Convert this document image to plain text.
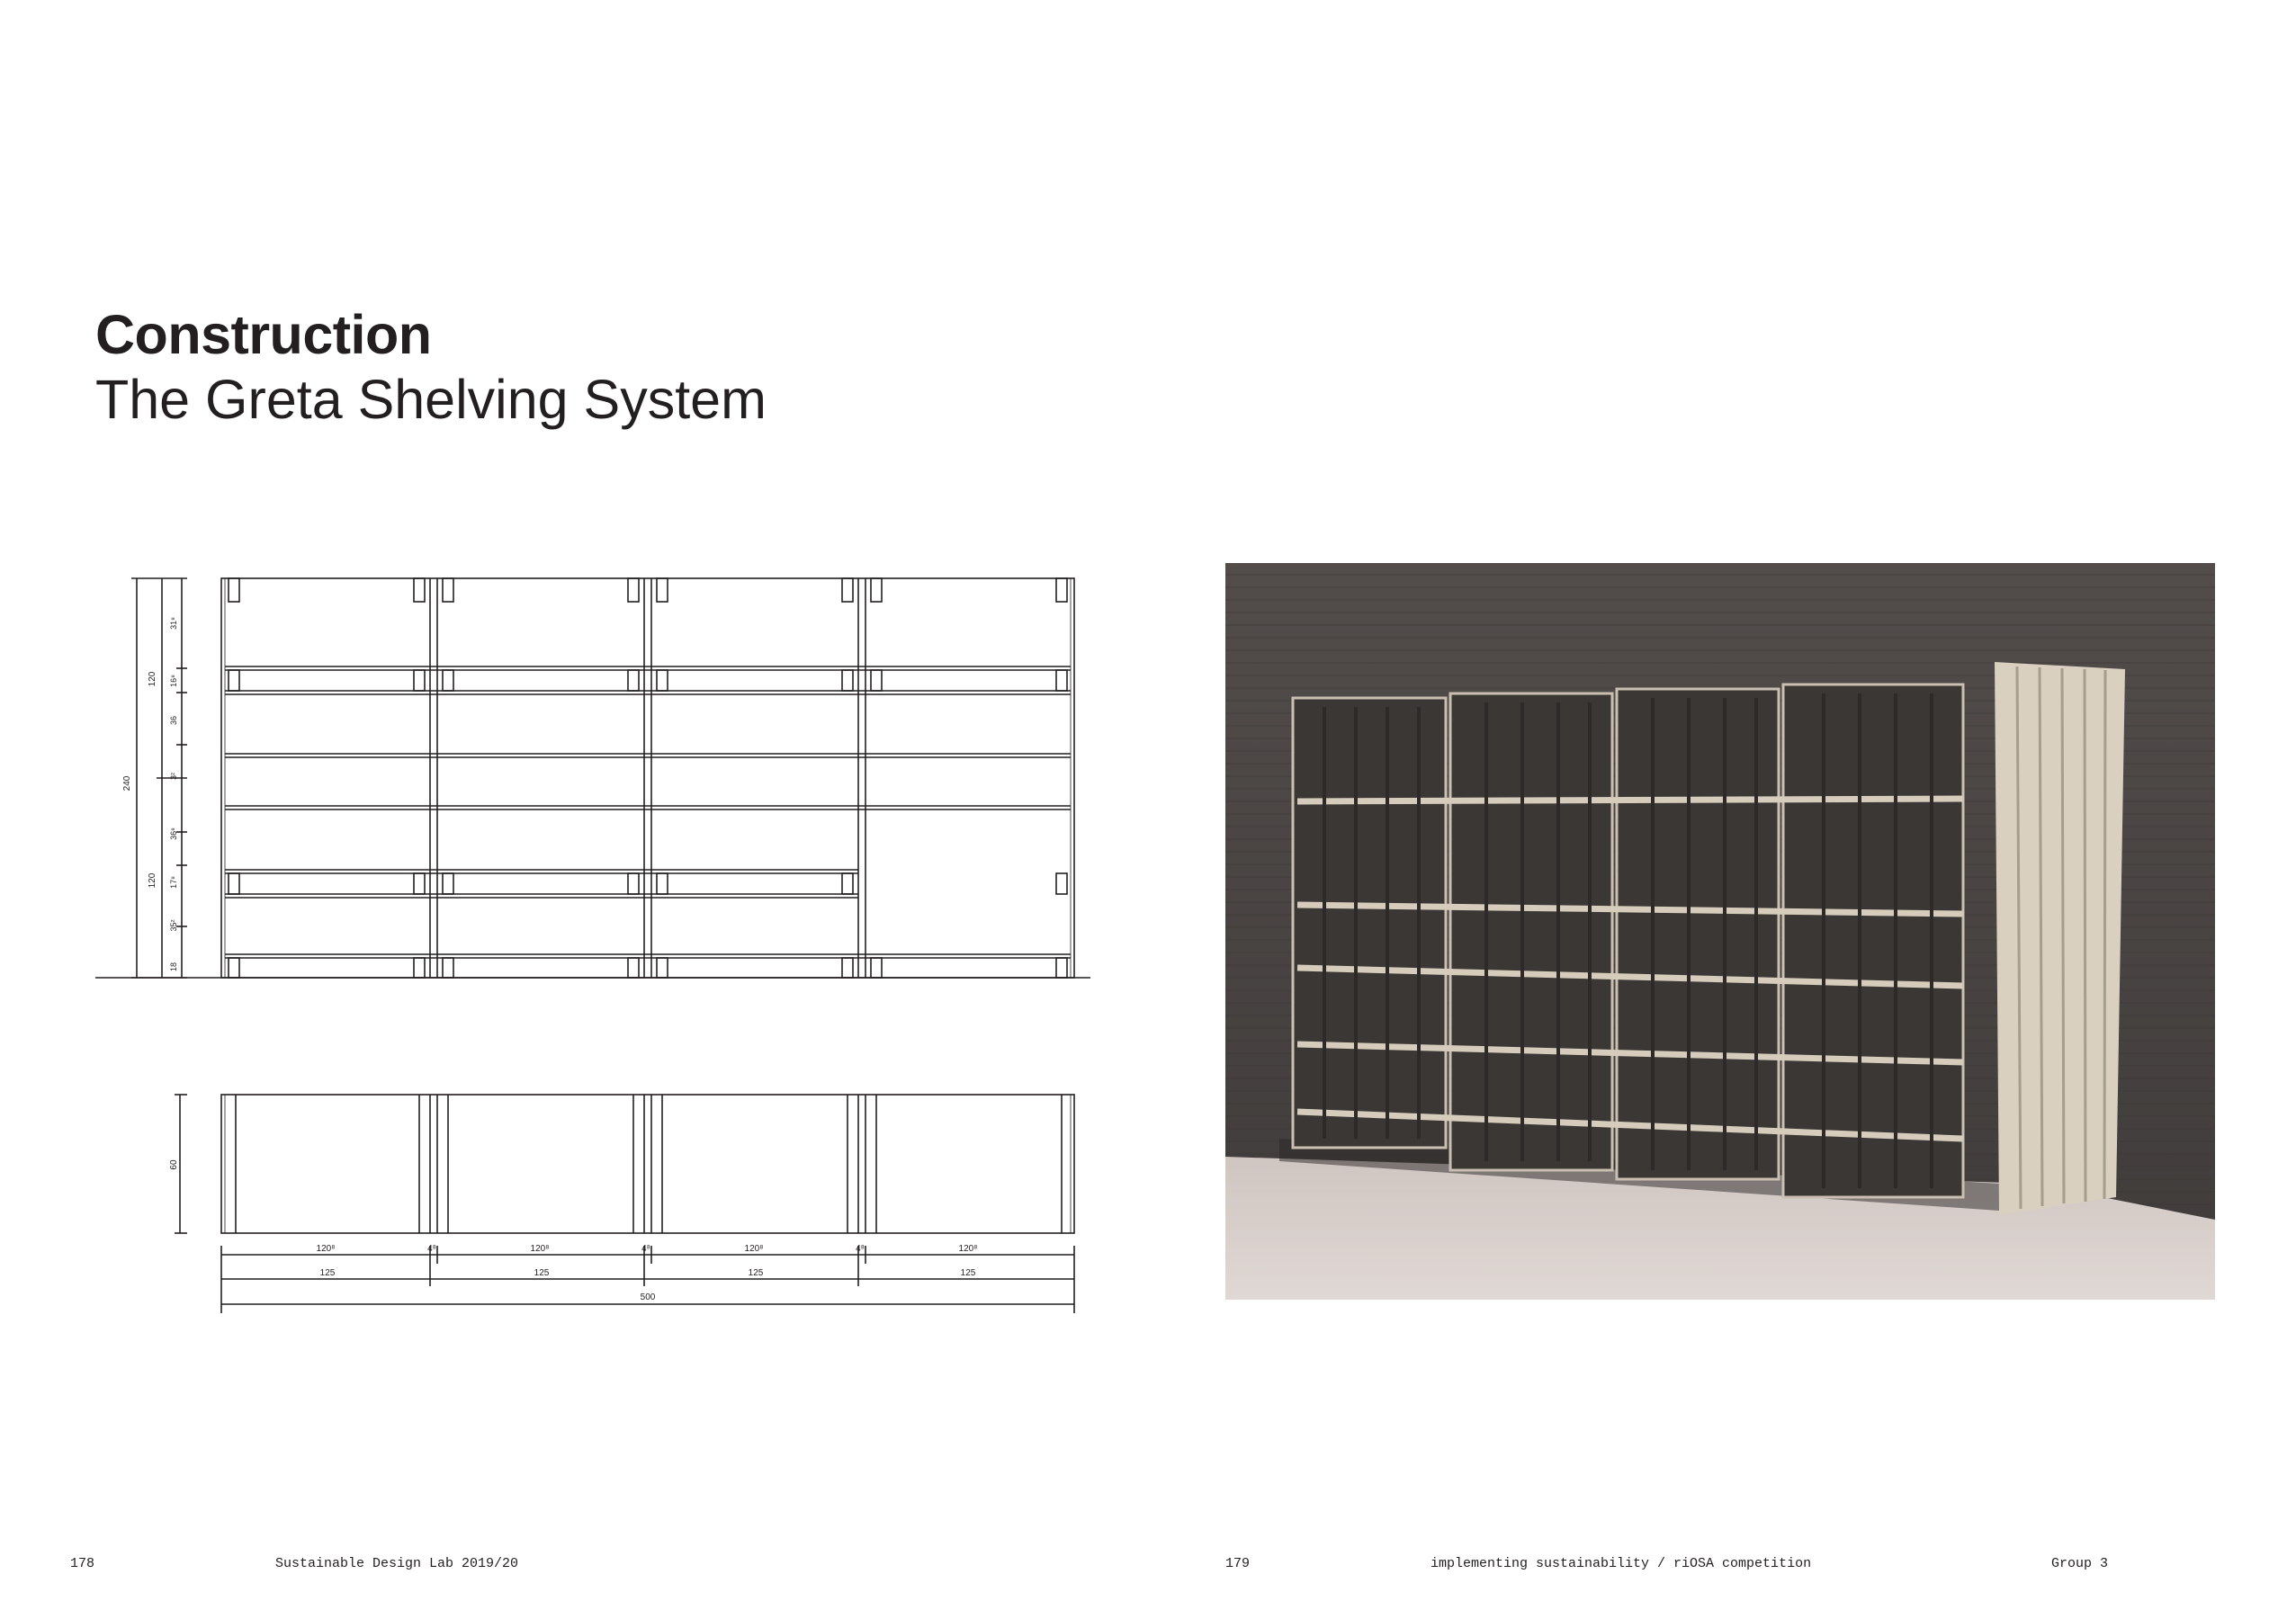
Construction
The Greta Shelving System
240
120
120
31⁸
16⁸
36
3²
36⁸
17⁸
35²
18
60
120⁸	120⁸	120⁸	120⁸
4⁸	4⁸	4⁸
125	125	125	125
500
178	Sustainable Design Lab 2019/20	179	implementing sustainability / riOSA competition	Group 3
